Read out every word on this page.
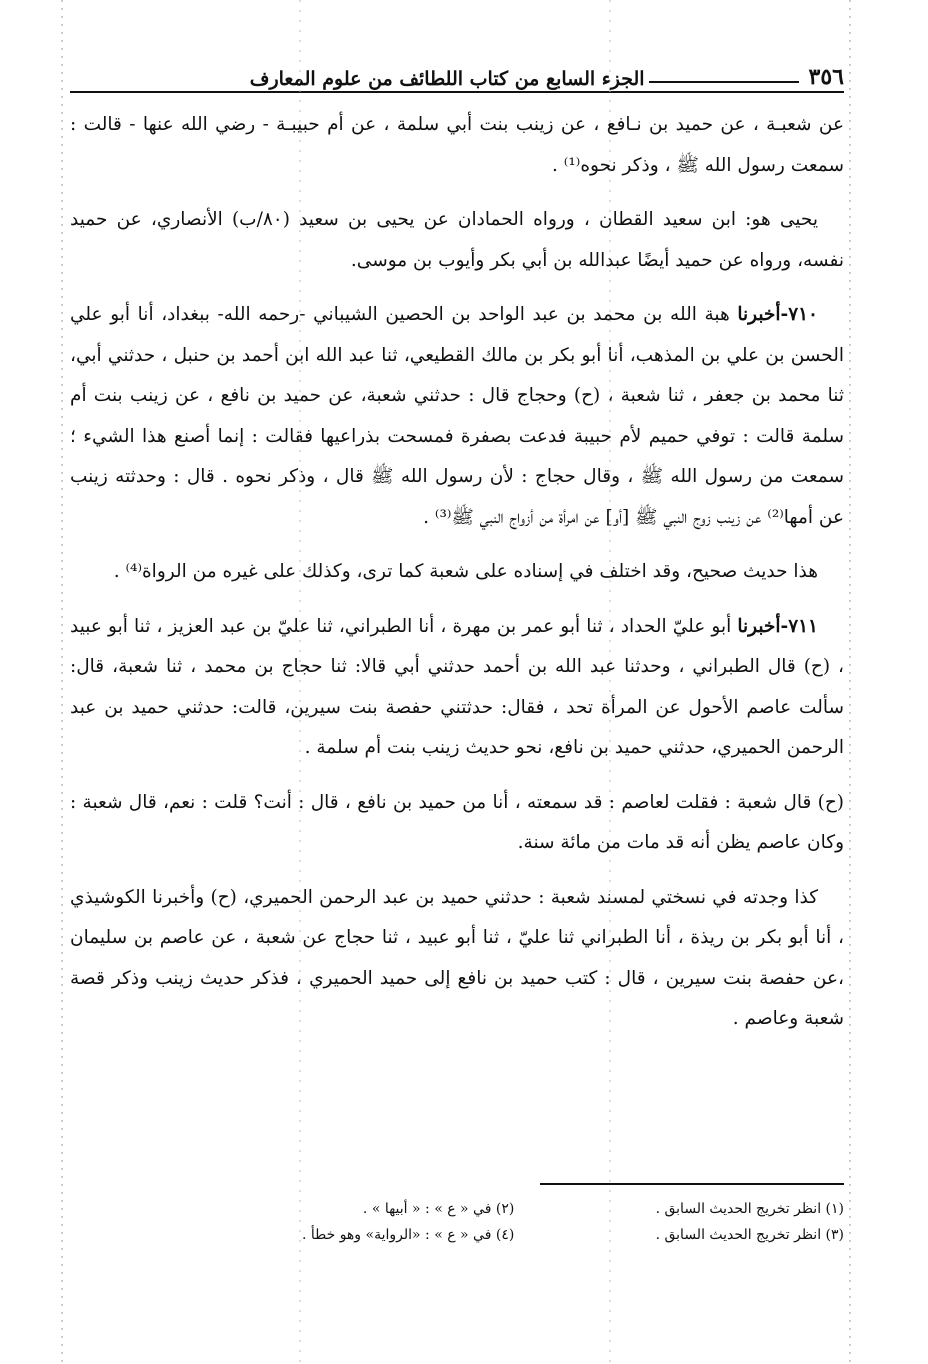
٣٥٦
الجزء السابع من كتاب اللطائف من علوم المعارف

عن شعبـة ، عن حميد بن نـافع ، عن زينب بنت أبي سلمة ، عن أم حبيبـة - رضي الله عنها - قالت : سمعت رسول الله ﷺ ، وذكر نحوه⁽¹⁾ .

يحيى هو: ابن سعيد القطان ، ورواه الحمادان عن يحيى بن سعيد (٨٠/ب) الأنصاري، عن حميد نفسه، ورواه عن حميد أيضًا عبدالله بن أبي بكر وأيوب بن موسى.

٧١٠-أخبرنا هبة الله بن محمد بن عبد الواحد بن الحصين الشيباني -رحمه الله- ببغداد، أنا أبو علي الحسن بن علي بن المذهب، أنا أبو بكر بن مالك القطيعي، ثنا عبد الله ابن أحمد بن حنبل ، حدثني أبي، ثنا محمد بن جعفر ، ثنا شعبة ، (ح) وحجاج قال : حدثني شعبة، عن حميد بن نافع ، عن زينب بنت أم سلمة قالت : توفي حميم لأم حبيبة فدعت بصفرة فمسحت بذراعيها فقالت : إنما أصنع هذا الشيء ؛ سمعت من رسول الله ﷺ ، وقال حجاج : لأن رسول الله ﷺ قال ، وذكر نحوه . قال : وحدثته زينب عن أمها⁽²⁾ عن زينب زوج النبي ﷺ [أو] عن امرأة من أزواج النبي ﷺ⁽³⁾ .

هذا حديث صحيح، وقد اختلف في إسناده على شعبة كما ترى، وكذلك على غيره من الرواة⁽⁴⁾ .

٧١١-أخبرنا أبو عليّ الحداد ، ثنا أبو عمر بن مهرة ، أنا الطبراني، ثنا عليّ بن عبد العزيز ، ثنا أبو عبيد ، (ح) قال الطبراني ، وحدثنا عبد الله بن أحمد حدثني أبي قالا: ثنا حجاج بن محمد ، ثنا شعبة، قال: سألت عاصم الأحول عن المرأة تحد ، فقال: حدثتني حفصة بنت سيرين، قالت: حدثني حميد بن عبد الرحمن الحميري، حدثني حميد بن نافع، نحو حديث زينب بنت أم سلمة .

(ح) قال شعبة : فقلت لعاصم : قد سمعته ، أنا من حميد بن نافع ، قال : أنت؟ قلت : نعم، قال شعبة : وكان عاصم يظن أنه قد مات من مائة سنة.

كذا وجدته في نسختي لمسند شعبة : حدثني حميد بن عبد الرحمن الحميري، (ح) وأخبرنا الكوشيذي ، أنا أبو بكر بن ريذة ، أنا الطبراني ثنا عليّ ، ثنا أبو عبيد ، ثنا حجاج عن شعبة ، عن عاصم بن سليمان ،عن حفصة بنت سيرين ، قال : كتب حميد بن نافع إلى حميد الحميري ، فذكر حديث زينب وذكر قصة شعبة وعاصم .

(١) انظر تخريج الحديث السابق .
(٢) في « ع » : « أبيها » .
(٣) انظر تخريج الحديث السابق .
(٤) في « ع » : «الرواية» وهو خطأ .
